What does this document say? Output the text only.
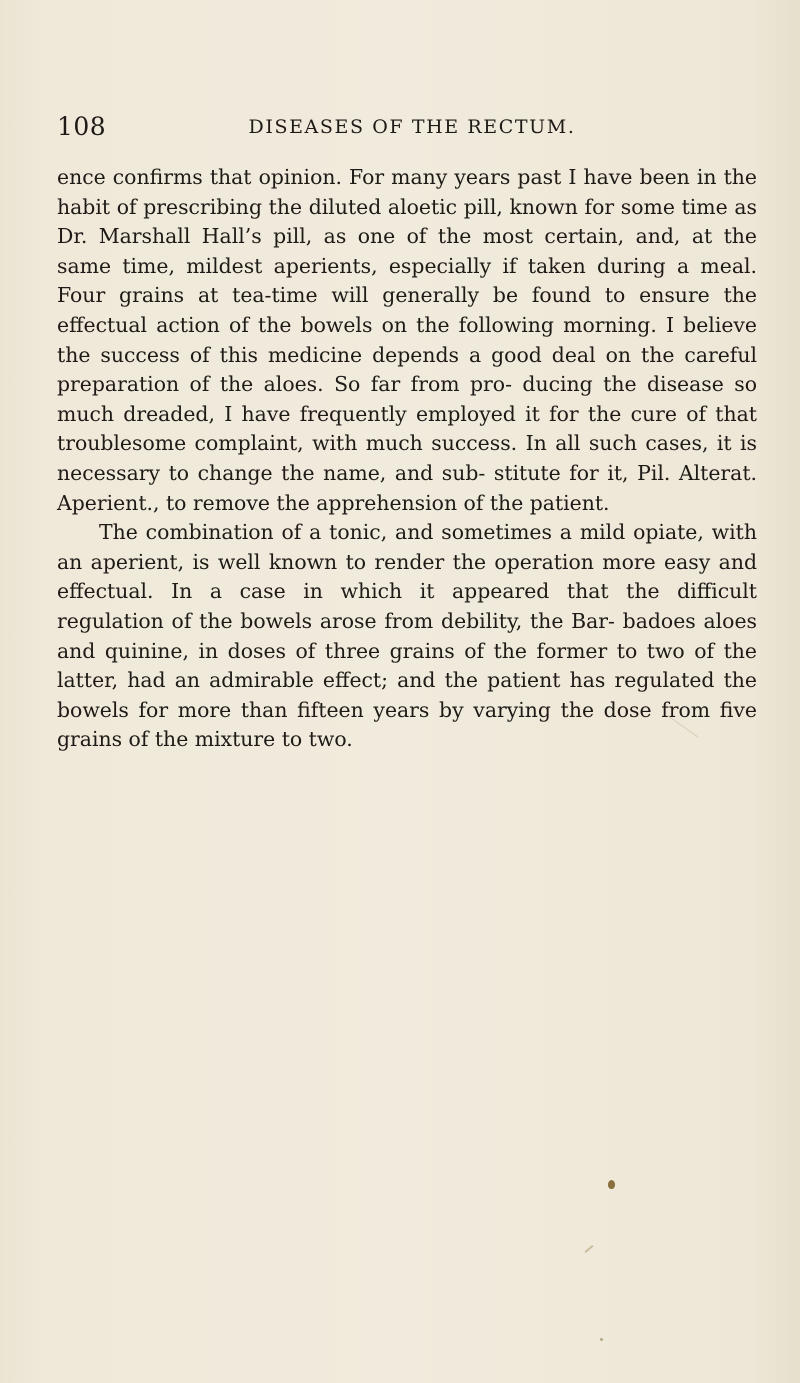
108	DISEASES OF THE RECTUM.

ence confirms that opinion. For many years past I have been in the habit of prescribing the diluted aloetic pill, known for some time as Dr. Marshall Hall’s pill, as one of the most certain, and, at the same time, mildest aperients, especially if taken during a meal. Four grains at tea-time will generally be found to ensure the effectual action of the bowels on the following morning. I believe the success of this medicine depends a good deal on the careful preparation of the aloes. So far from pro- ducing the disease so much dreaded, I have frequently employed it for the cure of that troublesome complaint, with much success. In all such cases, it is necessary to change the name, and sub- stitute for it, Pil. Alterat. Aperient., to remove the apprehension of the patient.

The combination of a tonic, and sometimes a mild opiate, with an aperient, is well known to render the operation more easy and effectual. In a case in which it appeared that the difficult regulation of the bowels arose from debility, the Bar- badoes aloes and quinine, in doses of three grains of the former to two of the latter, had an admirable effect; and the patient has regulated the bowels for more than fifteen years by varying the dose from five grains of the mixture to two.
